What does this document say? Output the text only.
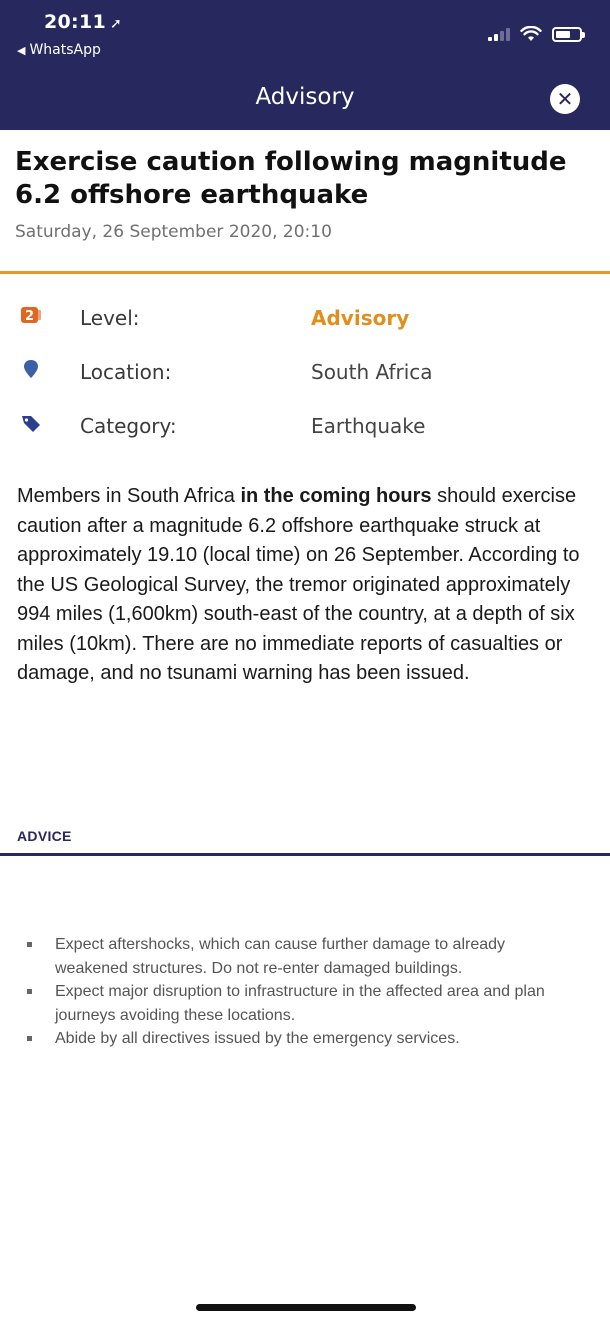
20:11 ➚
◀ WhatsApp
Advisory	✕
Exercise caution following magnitude 6.2 offshore earthquake
Saturday, 26 September 2020, 20:10
2 Level:	Advisory
Location:	South Africa
Category:	Earthquake

Members in South Africa in the coming hours should exercise caution after a magnitude 6.2 offshore earthquake struck at approximately 19.10 (local time) on 26 September. According to the US Geological Survey, the tremor originated approximately 994 miles (1,600km) south-east of the country, at a depth of six miles (10km). There are no immediate reports of casualties or damage, and no tsunami warning has been issued.

ADVICE
Expect aftershocks, which can cause further damage to already weakened structures. Do not re-enter damaged buildings.
Expect major disruption to infrastructure in the affected area and plan journeys avoiding these locations.
Abide by all directives issued by the emergency services.
